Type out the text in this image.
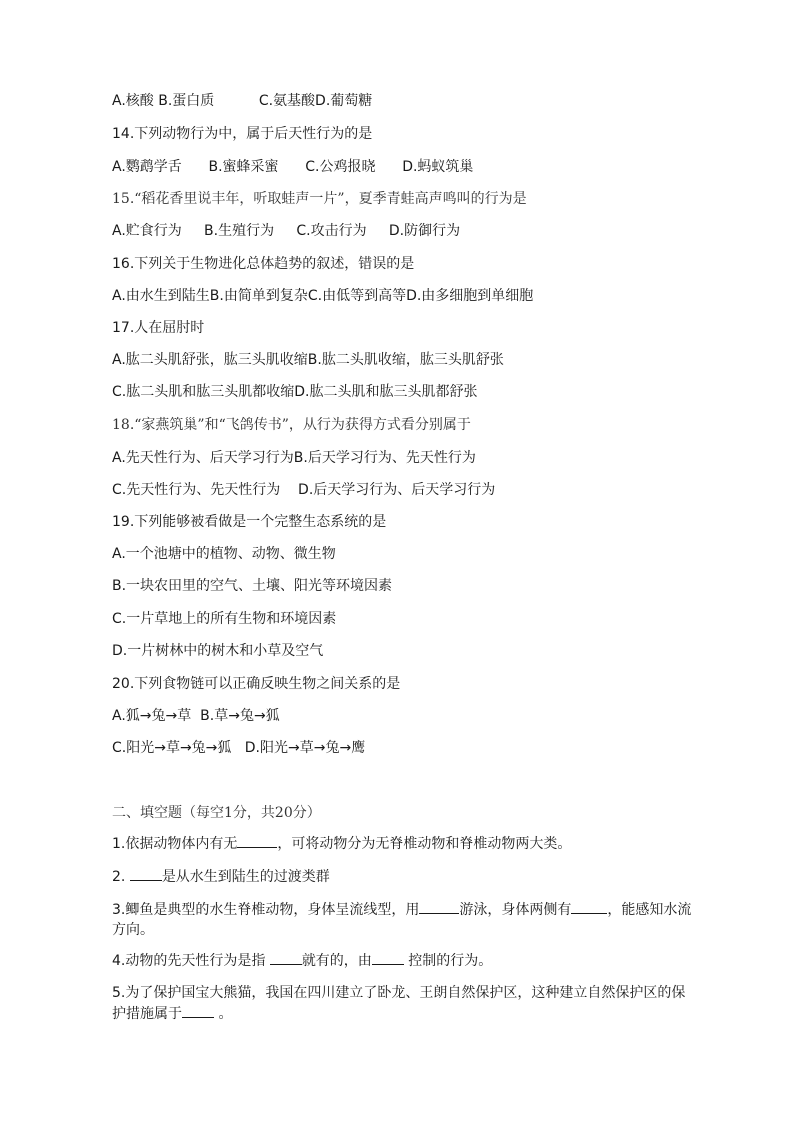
A.核酸 B.蛋白质	C.氨基酸D.葡萄糖
14.下列动物行为中，属于后天性行为的是
A.鹦鹉学舌 B.蜜蜂采蜜 C.公鸡报晓 D.蚂蚁筑巢
15.“稻花香里说丰年，听取蛙声一片”，夏季青蛙高声鸣叫的行为是
A.贮食行为 B.生殖行为 C.攻击行为 D.防御行为
16.下列关于生物进化总体趋势的叙述，错误的是
A.由水生到陆生B.由简单到复杂C.由低等到高等D.由多细胞到单细胞
17.人在屈肘时
A.肱二头肌舒张，肱三头肌收缩B.肱二头肌收缩，肱三头肌舒张
C.肱二头肌和肱三头肌都收缩D.肱二头肌和肱三头肌都舒张
18.“家燕筑巢”和“飞鸽传书”，从行为获得方式看分别属于
A.先天性行为、后天学习行为B.后天学习行为、先天性行为
C.先天性行为、先天性行为 D.后天学习行为、后天学习行为
19.下列能够被看做是一个完整生态系统的是
A.一个池塘中的植物、动物、微生物
B.一块农田里的空气、土壤、阳光等环境因素
C.一片草地上的所有生物和环境因素
D.一片树林中的树木和小草及空气
20.下列食物链可以正确反映生物之间关系的是
A.狐→兔→草 B.草→兔→狐
C.阳光→草→兔→狐 D.阳光→草→兔→鹰
二、填空题（每空1分，共20分）
1.依据动物体内有无	，可将动物分为无脊椎动物和脊椎动物两大类。
2. 是从水生到陆生的过渡类群
3.鲫鱼是典型的水生脊椎动物，身体呈流线型，用	游泳，身体两侧有	，能感知水流方向。
4.动物的先天性行为是指 就有的，由 控制的行为。
5.为了保护国宝大熊猫，我国在四川建立了卧龙、王朗自然保护区，这种建立自然保护区的保护措施属于 。
